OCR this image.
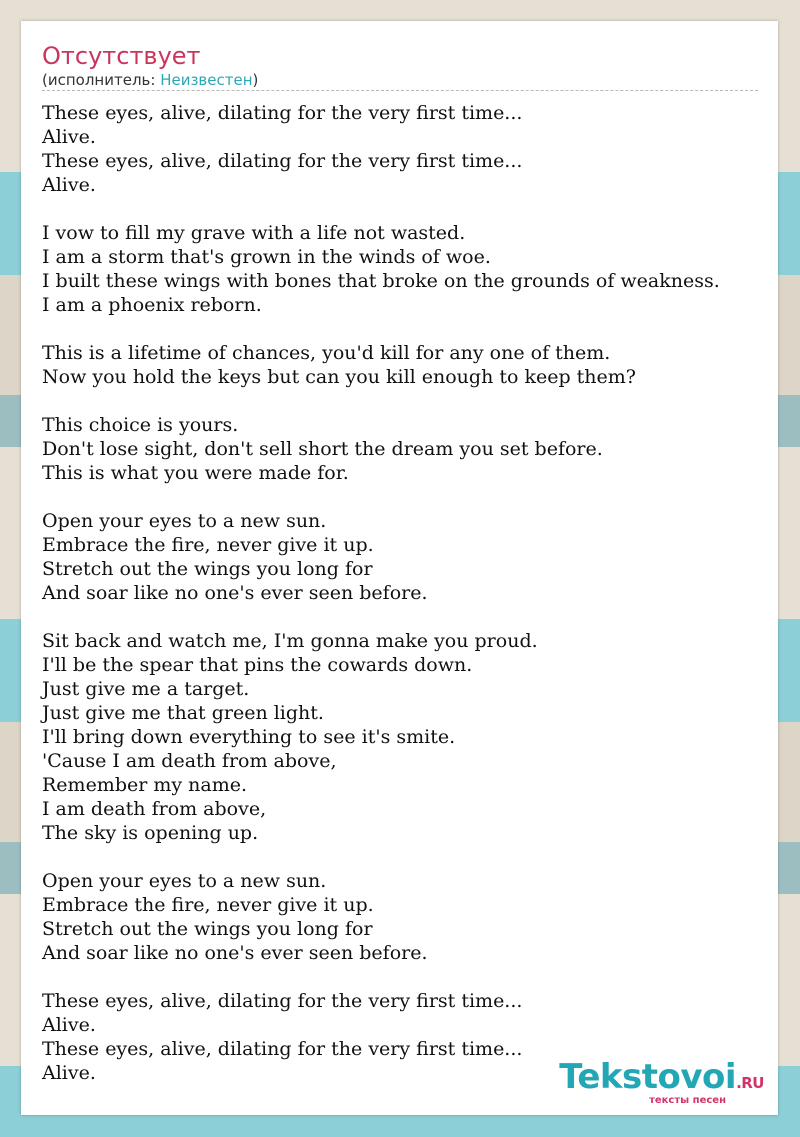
Отсутствует
(исполнитель: Неизвестен)
These eyes, alive, dilating for the very first time...
Alive.
These eyes, alive, dilating for the very first time...
Alive.
I vow to fill my grave with a life not wasted.
I am a storm that's grown in the winds of woe.
I built these wings with bones that broke on the grounds of weakness.
I am a phoenix reborn.
This is a lifetime of chances, you'd kill for any one of them.
Now you hold the keys but can you kill enough to keep them?
This choice is yours.
Don't lose sight, don't sell short the dream you set before.
This is what you were made for.
Open your eyes to a new sun.
Embrace the fire, never give it up.
Stretch out the wings you long for
And soar like no one's ever seen before.
Sit back and watch me, I'm gonna make you proud.
I'll be the spear that pins the cowards down.
Just give me a target.
Just give me that green light.
I'll bring down everything to see it's smite.
'Cause I am death from above,
Remember my name.
I am death from above,
The sky is opening up.
Open your eyes to a new sun.
Embrace the fire, never give it up.
Stretch out the wings you long for
And soar like no one's ever seen before.
These eyes, alive, dilating for the very first time...
Alive.
These eyes, alive, dilating for the very first time...
Alive.	Tekstovoi.RU
тексты песен
